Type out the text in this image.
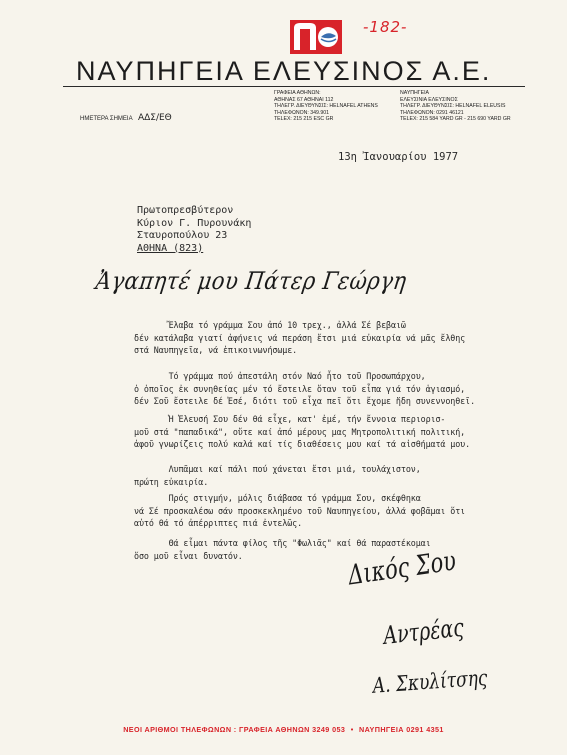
-182-
ΝΑΥΠΗΓΕΙΑ ΕΛΕΥΣΙΝΟΣ Α.Ε.
ΓΡΑΦΕΙΑ ΑΘΗΝΩΝ:
ΑΘΗΝΑΣ 67 ΑΘΗΝΑΙ 112
ΤΗΛΕΓΡ. ΔΙΕΥΘΥΝΣΙΣ: HELNAFEL ATHENS
ΤΗΛΕΦΩΝΟΝ: 349.901
TELEX: 215 215 ESC GR
ΝΑΥΠΗΓΕΙΑ
ΕΛΕΥΣΙΝΙΑ ΕΛΕΥΣΙΝΟΣ
ΤΗΛΕΓΡ. ΔΙΕΥΘΥΝΣΙΣ: HELNAFEL ELEUSIS
ΤΗΛΕΦΩΝΟΝ: 0291 46121
TELEX: 215 584 YARD GR - 215 690 YARD GR
ΗΜΕΤΕΡΑ ΣΗΜΕΙΑ ΑΔΣ/ΕΘ
13η Ἰανουαρίου 1977
Πρωτοπρεσβύτερον
Κύριον Γ. Πυρουνάκη
Σταυροπούλου 23
ΑΘΗΝΑ (823)
Ἀγαπητέ μου Πάτερ Γεώργη
Ἔλαβα τό γράμμα Σου ἀπό 10 τρεχ., ἀλλά Σέ βεβαιῶ
δέν κατάλαβα γιατί ἀφήνεις νά περάση ἔτσι μιά εὐκαιρία νά μᾶς ἔλθης
στά Ναυπηγεῖα, νά ἐπικοινωνήσωμε.
Τό γράμμα πού ἀπεστάλη στόν Ναό ἦτο τοῦ Προσωπάρχου,
ὁ ὁποῖος ἐκ συνηθείας μέν τό ἔστειλε ὅταν τοῦ εἶπα γιά τόν ἁγιασμό,
δέν Σοῦ ἔστειλε δέ Ἐσέ, διότι τοῦ εἶχα πεῖ ὅτι ἔχομε ἤδη συνεννοηθεῖ.
Ἡ Ἐλευσή Σου δέν θά εἶχε, κατ' ἐμέ, τήν ἔννοια περιορισ-
μοῦ στά "παπαδικά", οὔτε καί ἀπό μέρους μας Μητροπολιτική πολιτική,
ἀφοῦ γνωρίζεις πολύ καλά καί τίς διαθέσεις μου καί τά αἰσθήματά μου.
Λυπᾶμαι καί πάλι πού χάνεται ἔτσι μιά, τουλάχιστον,
πρώτη εὐκαιρία.
Πρός στιγμήν, μόλις διάβασα τό γράμμα Σου, σκέφθηκα
νά Σέ προσκαλέσω σάν προσκεκλημένο τοῦ Ναυπηγείου, ἀλλά φοβᾶμαι ὅτι
αὐτό θά τό ἀπέρριπτες πιά ἐντελῶς.
Θά εἶμαι πάντα φίλος τῆς "Φωλιᾶς" καί θά παραστέκομαι
ὅσο μοῦ εἶναι δυνατόν.	Δικός Σου
Αντρέας
Α. Σκυλίτσης
ΝΕΟΙ ΑΡΙΘΜΟΙ ΤΗΛΕΦΩΝΩΝ : ΓΡΑΦΕΙΑ ΑΘΗΝΩΝ 3249 053 • ΝΑΥΠΗΓΕΙΑ 0291 4351
